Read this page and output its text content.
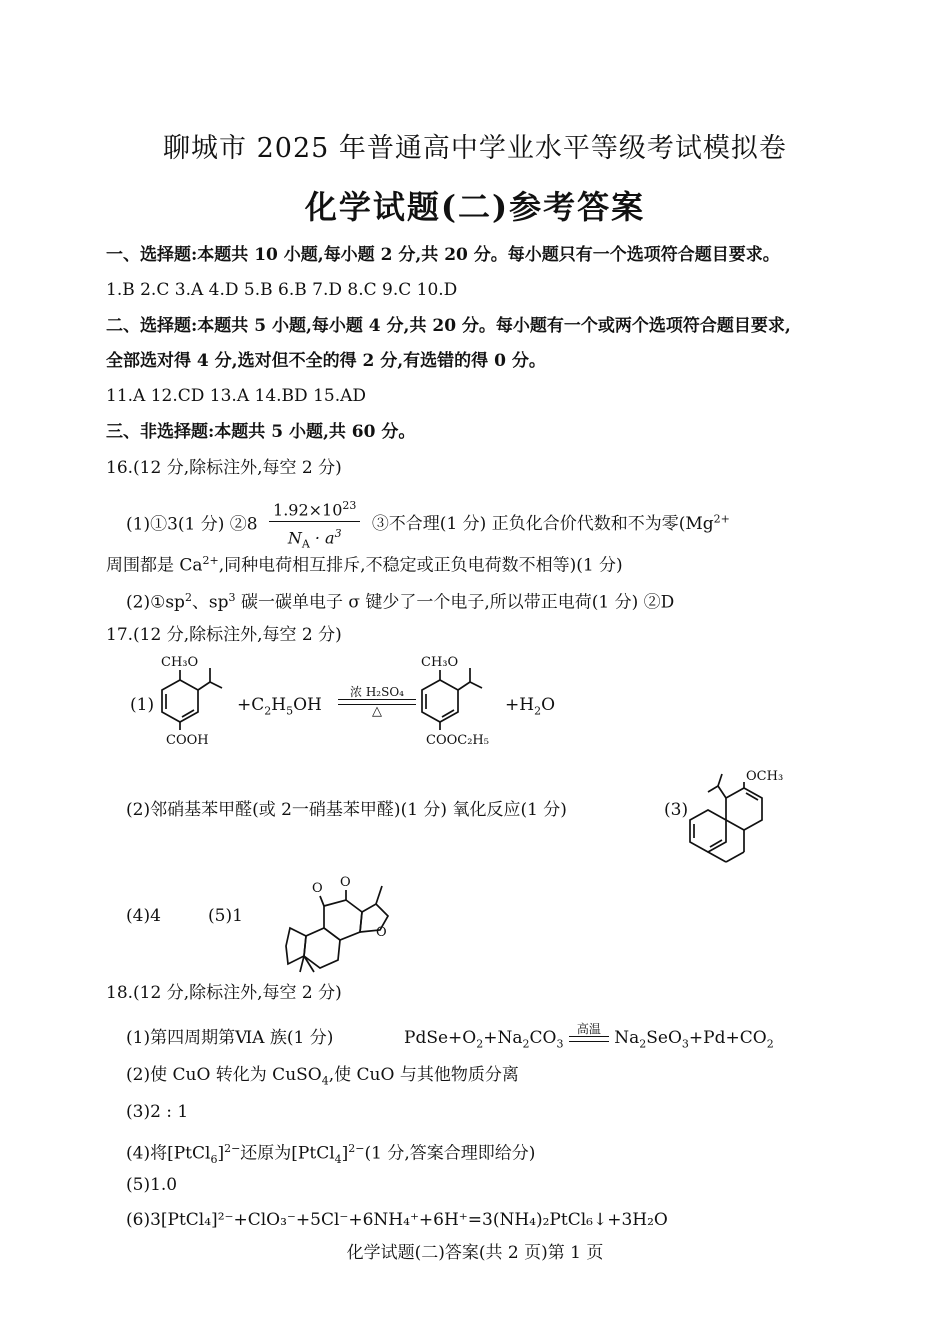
聊城市 2025 年普通高中学业水平等级考试模拟卷
化学试题(二)参考答案
一、选择题:本题共 10 小题,每小题 2 分,共 20 分。每小题只有一个选项符合题目要求。
1.B 2.C 3.A 4.D 5.B 6.B 7.D 8.C 9.C 10.D
二、选择题:本题共 5 小题,每小题 4 分,共 20 分。每小题有一个或两个选项符合题目要求,
全部选对得 4 分,选对但不全的得 2 分,有选错的得 0 分。
11.A 12.CD 13.A 14.BD 15.AD
三、非选择题:本题共 5 小题,共 60 分。
16.(12 分,除标注外,每空 2 分)
(1)①3(1 分) ②8 $\frac{1.92\times 10^{23}}{N_A \cdot a^3}$ ③不合理(1 分) 正负化合价代数和不为零($Mg^{2+}$
周围都是 $Ca^{2+}$,同种电荷相互排斥,不稳定或正负电荷数不相等)(1 分)
$(2)①sp^2$、$sp^3$ 碳一碳单电子 σ 键少了一个电子,所以带正电荷(1 分) ②D
17.(12 分,除标注外,每空 2 分)
(1)
CH₃O
COOH
$+C_2H_5OH$
浓 H₂SO₄
△
CH₃O
COOC₂H₅
$+H_2O$
(2)邻硝基苯甲醛(或 2一硝基苯甲醛)(1 分) 氧化反应(1 分)	(3)
OCH₃
(4)4	(5)1
O O
O
18.(12 分,除标注外,每空 2 分)
(1)第四周期第ⅥA 族(1 分)	$PdSe+O_2+Na_2CO_3$
高温 $Na_2SeO_3+Pd+CO_2$
(2)使 CuO 转化为 CuSO$_4$,使 CuO 与其他物质分离
(3)2 : 1
(4)将[PtCl$_6$]$^{2-}$还原为[PtCl$_4$]$^{2-}$(1 分,答案合理即给分)
(5)1.0
(6)3[PtCl₄]²⁻+ClO₃⁻+5Cl⁻+6NH₄⁺+6H⁺=3(NH₄)₂PtCl₆↓+3H₂O
化学试题(二)答案(共 2 页)第 1 页
